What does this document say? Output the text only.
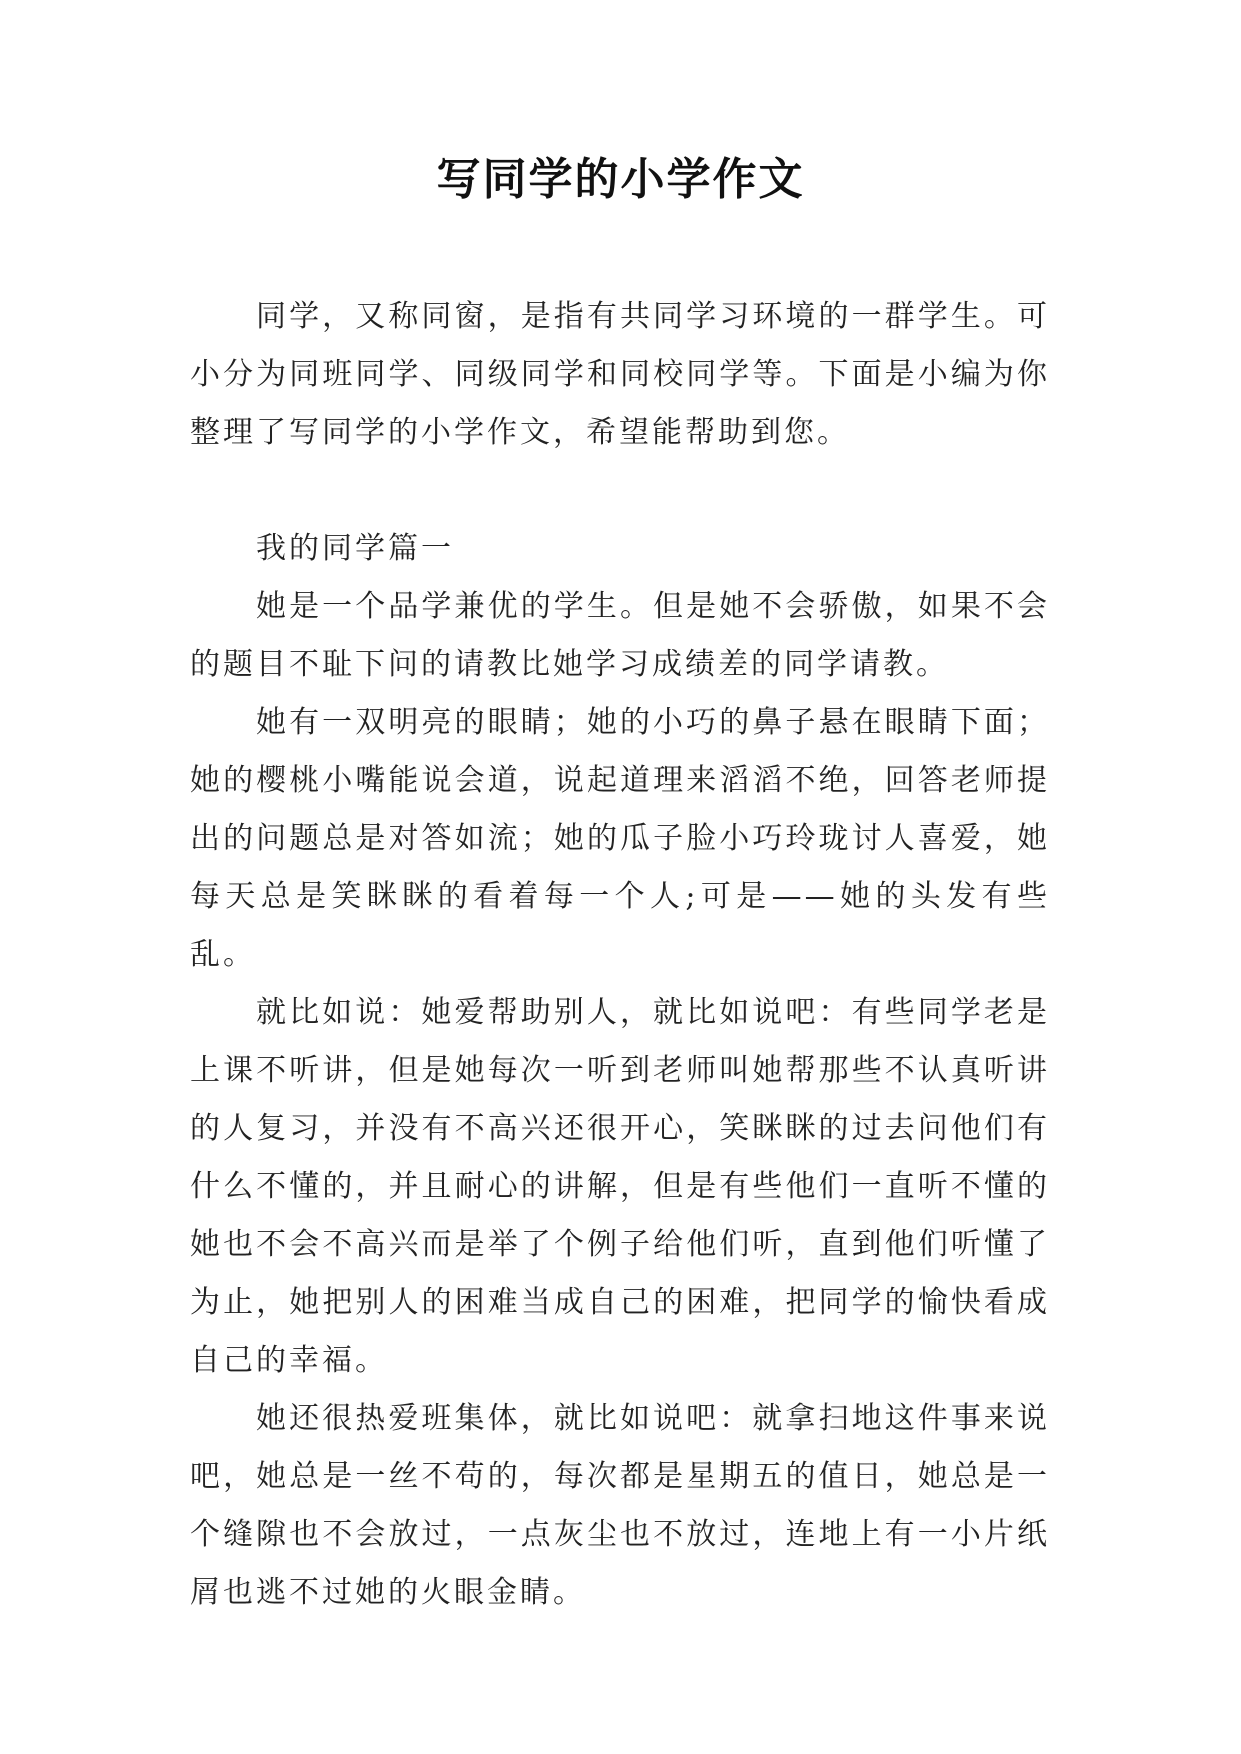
写同学的小学作文

同学，又称同窗，是指有共同学习环境的一群学生。可小分为同班同学、同级同学和同校同学等。下面是小编为你整理了写同学的小学作文，希望能帮助到您。

我的同学篇一

她是一个品学兼优的学生。但是她不会骄傲，如果不会的题目不耻下问的请教比她学习成绩差的同学请教。

她有一双明亮的眼睛；她的小巧的鼻子悬在眼睛下面；她的樱桃小嘴能说会道，说起道理来滔滔不绝，回答老师提出的问题总是对答如流；她的瓜子脸小巧玲珑讨人喜爱，她每天总是笑眯眯的看着每一个人;可是——她的头发有些乱。

就比如说：她爱帮助别人，就比如说吧：有些同学老是上课不听讲，但是她每次一听到老师叫她帮那些不认真听讲的人复习，并没有不高兴还很开心，笑眯眯的过去问他们有什么不懂的，并且耐心的讲解，但是有些他们一直听不懂的她也不会不高兴而是举了个例子给他们听，直到他们听懂了为止，她把别人的困难当成自己的困难，把同学的愉快看成自己的幸福。

她还很热爱班集体，就比如说吧：就拿扫地这件事来说吧，她总是一丝不苟的，每次都是星期五的值日，她总是一个缝隙也不会放过，一点灰尘也不放过，连地上有一小片纸屑也逃不过她的火眼金睛。
